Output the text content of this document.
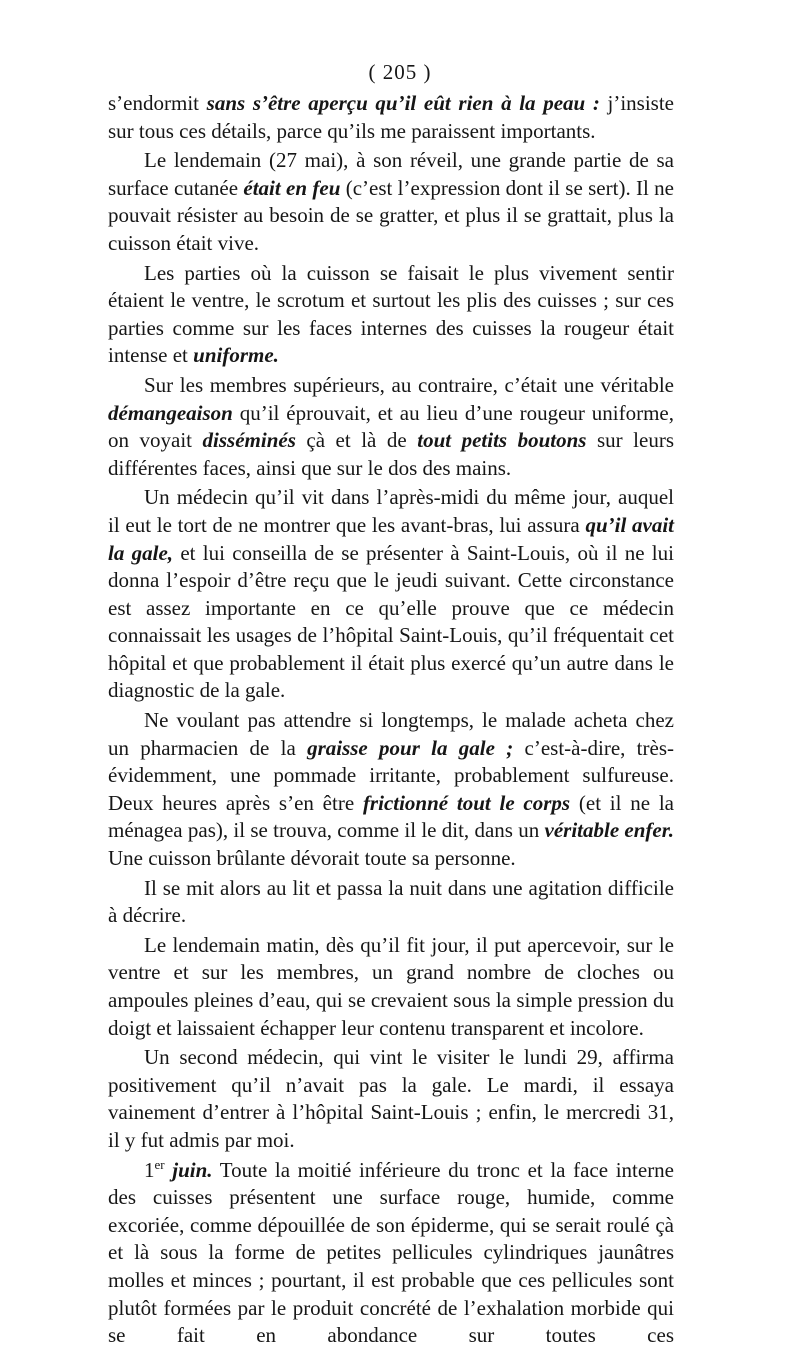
( 205 )

s’endormit sans s’être aperçu qu’il eût rien à la peau : j’insiste sur tous ces détails, parce qu’ils me paraissent importants.

Le lendemain (27 mai), à son réveil, une grande partie de sa surface cutanée était en feu (c’est l’expression dont il se sert). Il ne pouvait résister au besoin de se gratter, et plus il se grattait, plus la cuisson était vive.

Les parties où la cuisson se faisait le plus vivement sentir étaient le ventre, le scrotum et surtout les plis des cuisses ; sur ces parties comme sur les faces internes des cuisses la rougeur était intense et uniforme.

Sur les membres supérieurs, au contraire, c’était une véritable démangeaison qu’il éprouvait, et au lieu d’une rougeur uniforme, on voyait disséminés çà et là de tout petits boutons sur leurs différentes faces, ainsi que sur le dos des mains.

Un médecin qu’il vit dans l’après-midi du même jour, auquel il eut le tort de ne montrer que les avant-bras, lui assura qu’il avait la gale, et lui conseilla de se présenter à Saint-Louis, où il ne lui donna l’espoir d’être reçu que le jeudi suivant. Cette circonstance est assez importante en ce qu’elle prouve que ce médecin connaissait les usages de l’hôpital Saint-Louis, qu’il fréquentait cet hôpital et que probablement il était plus exercé qu’un autre dans le diagnostic de la gale.

Ne voulant pas attendre si longtemps, le malade acheta chez un pharmacien de la graisse pour la gale ; c’est-à-dire, très-évidemment, une pommade irritante, probablement sulfureuse. Deux heures après s’en être frictionné tout le corps (et il ne la ménagea pas), il se trouva, comme il le dit, dans un véritable enfer. Une cuisson brûlante dévorait toute sa personne.

Il se mit alors au lit et passa la nuit dans une agitation difficile à décrire.

Le lendemain matin, dès qu’il fit jour, il put apercevoir, sur le ventre et sur les membres, un grand nombre de cloches ou ampoules pleines d’eau, qui se crevaient sous la simple pression du doigt et laissaient échapper leur contenu transparent et incolore.

Un second médecin, qui vint le visiter le lundi 29, affirma positivement qu’il n’avait pas la gale. Le mardi, il essaya vainement d’entrer à l’hôpital Saint-Louis ; enfin, le mercredi 31, il y fut admis par moi.

1er juin. Toute la moitié inférieure du tronc et la face interne des cuisses présentent une surface rouge, humide, comme excoriée, comme dépouillée de son épiderme, qui se serait roulé çà et là sous la forme de petites pellicules cylindriques jaunâtres molles et minces ; pourtant, il est probable que ces pellicules sont plutôt formées par le produit concrété de l’exhalation morbide qui se fait en abondance sur toutes ces
